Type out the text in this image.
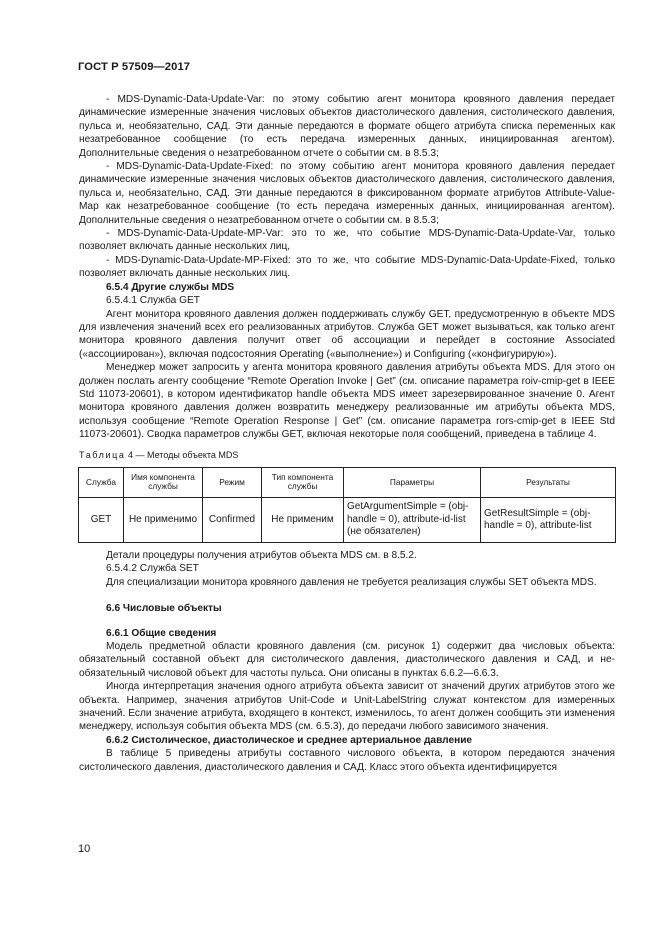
ГОСТ Р 57509—2017

- MDS-Dynamic-Data-Update-Var: по этому событию агент монитора кровяного давления передает динамические измеренные значения числовых объектов диастолического давления, систолического давления, пульса и, необязательно, САД. Эти данные передаются в формате общего атрибута списка переменных как незатребованное сообщение (то есть передача измеренных данных, инициированная агентом). Дополнительные сведения о незатребованном отчете о событии см. в 8.5.3;

- MDS-Dynamic-Data-Update-Fixed: по этому событию агент монитора кровяного давления передает динамические измеренные значения числовых объектов диастолического давления, систолического давления, пульса и, необязательно, САД. Эти данные передаются в фиксированном формате атрибутов Attribute-Value-Map как незатребованное сообщение (то есть передача измеренных данных, инициированная агентом). Дополнительные сведения о незатребованном отчете о событии см. в 8.5.3;

- MDS-Dynamic-Data-Update-MP-Var: это то же, что событие MDS-Dynamic-Data-Update-Var, только позволяет включать данные нескольких лиц,

- MDS-Dynamic-Data-Update-MP-Fixed: это то же, что событие MDS-Dynamic-Data-Update-Fixed, только позволяет включать данные нескольких лиц.

6.5.4 Другие службы MDS

6.5.4.1 Служба GET

Агент монитора кровяного давления должен поддерживать службу GET, предусмотренную в объекте MDS для извлечения значений всех его реализованных атрибутов. Служба GET может вызываться, как только агент монитора кровяного давления получит ответ об ассоциации и перейдет в состояние Associated («ассоциирован»), включая подсостояния Operating («выполнение») и Configuring («конфигурирую»).

Менеджер может запросить у агента монитора кровяного давления атрибуты объекта MDS. Для этого он должен послать агенту сообщение “Remote Operation Invoke | Get” (см. описание параметра roiv-cmip-get в IEEE Std 11073-20601), в котором идентификатор handle объекта MDS имеет зарезервированное значение 0. Агент монитора кровяного давления должен возвратить менеджеру реализованные им атрибуты объекта MDS, используя сообщение “Remote Operation Response | Get” (см. описание параметра rors-cmip-get в IEEE Std 11073-20601). Сводка параметров службы GET, включая некоторые поля сообщений, приведена в таблице 4.

Таблица 4 — Методы объекта MDS
Служба	Имя компонента службы	Режим	Тип компонента службы	Параметры	Результаты
GET	Не применимо	Confirmed	Не применим	GetArgumentSimple = (obj-handle = 0), attribute-id-list (не обязателен)	GetResultSimple = (obj-handle = 0), attribute-list

Детали процедуры получения атрибутов объекта MDS см. в 8.5.2.

6.5.4.2 Служба SET

Для специализации монитора кровяного давления не требуется реализация службы SET объекта MDS.

6.6 Числовые объекты

6.6.1 Общие сведения

Модель предметной области кровяного давления (см. рисунок 1) содержит два числовых объекта: обязательный составной объект для систолического давления, диастолического давления и САД, и необязательный числовой объект для частоты пульса. Они описаны в пунктах 6.6.2—6.6.3.

Иногда интерпретация значения одного атрибута объекта зависит от значений других атрибутов этого же объекта. Например, значения атрибутов Unit-Code и Unit-LabelString служат контекстом для измеренных значений. Если значение атрибута, входящего в контекст, изменилось, то агент должен сообщить эти изменения менеджеру, используя события объекта MDS (см. 6.5.3), до передачи любого зависимого значения.

6.6.2 Систолическое, диастолическое и среднее артериальное давление

В таблице 5 приведены атрибуты составного числового объекта, в котором передаются значения систолического давления, диастолического давления и САД. Класс этого объекта идентифицируется

10
